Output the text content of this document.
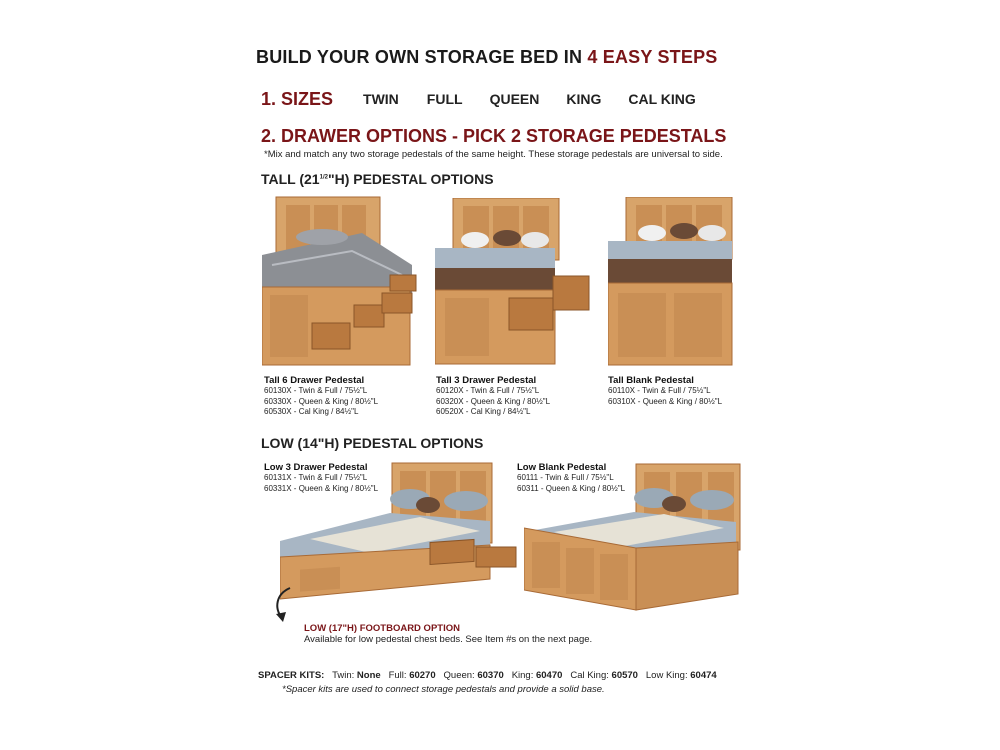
BUILD YOUR OWN STORAGE BED IN 4 EASY STEPS
1. SIZES TWIN FULL QUEEN KING CAL KING
2. DRAWER OPTIONS - PICK 2 STORAGE PEDESTALS
*Mix and match any two storage pedestals of the same height. These storage pedestals are universal to side.
TALL $(21^{1/2}"H)$ PEDESTAL OPTIONS
Tall 6 Drawer Pedestal
60130X - Twin & Full / 75½"L
60330X - Queen & King / 80½"L
60530X - Cal King / 84½"L
Tall 3 Drawer Pedestal
60120X - Twin & Full / 75½"L
60320X - Queen & King / 80½"L
60520X - Cal King / 84½"L
Tall Blank Pedestal
60110X - Twin & Full / 75½"L
60310X - Queen & King / 80½"L
LOW (14"H) PEDESTAL OPTIONS
Low 3 Drawer Pedestal
60131X - Twin & Full / 75½"L
60331X - Queen & King / 80½"L
Low Blank Pedestal
60111 - Twin & Full / 75½"L
60311 - Queen & King / 80½"L
LOW (17"H) FOOTBOARD OPTION
Available for low pedestal chest beds. See Item #s on the next page.
SPACER KITS: Twin: None Full: 60270 Queen: 60370 King: 60470 Cal King: 60570 Low King: 60474
*Spacer kits are used to connect storage pedestals and provide a solid base.
